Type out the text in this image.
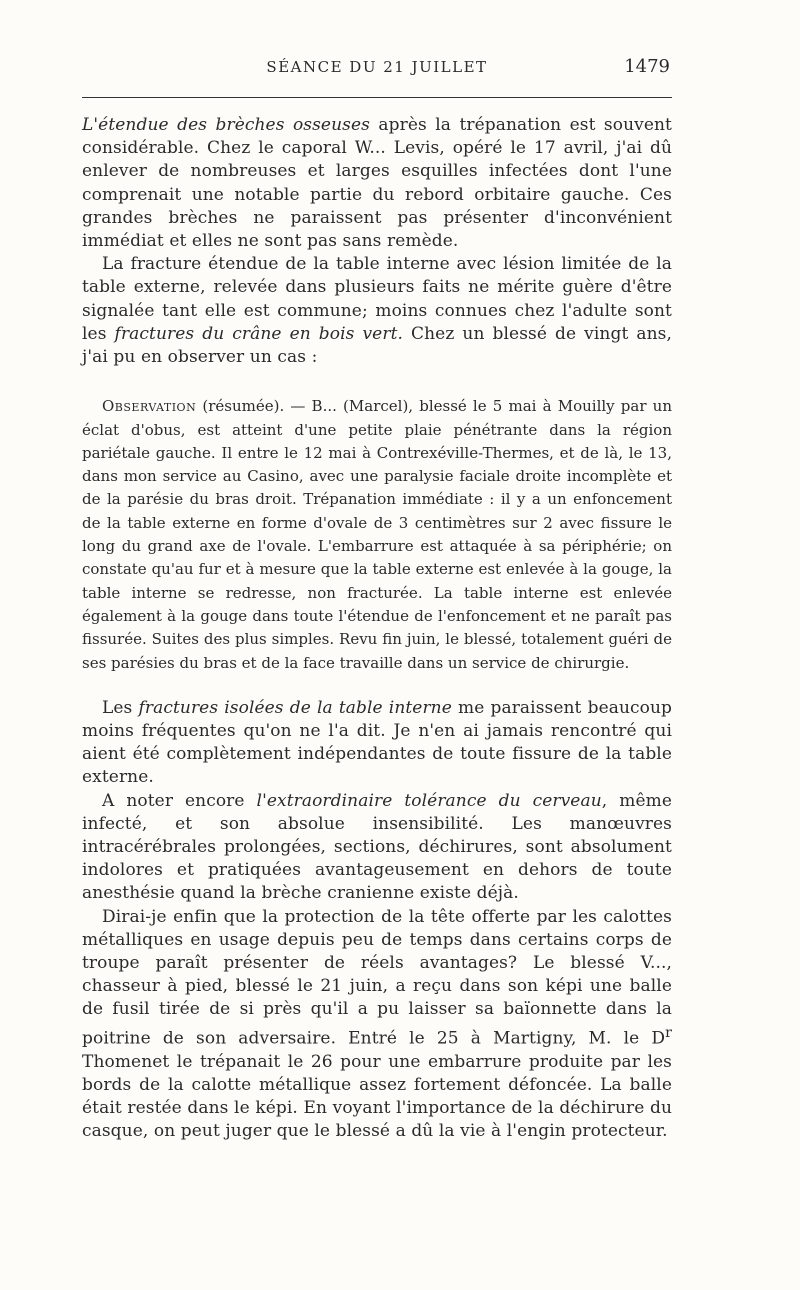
SÉANCE DU 21 JUILLET	1479

L'étendue des brèches osseuses après la trépanation est souvent considérable. Chez le caporal W... Levis, opéré le 17 avril, j'ai dû enlever de nombreuses et larges esquilles infectées dont l'une comprenait une notable partie du rebord orbitaire gauche. Ces grandes brèches ne paraissent pas présenter d'inconvénient immédiat et elles ne sont pas sans remède.

La fracture étendue de la table interne avec lésion limitée de la table externe, relevée dans plusieurs faits ne mérite guère d'être signalée tant elle est commune; moins connues chez l'adulte sont les fractures du crâne en bois vert. Chez un blessé de vingt ans, j'ai pu en observer un cas :

Observation (résumée). — B... (Marcel), blessé le 5 mai à Mouilly par un éclat d'obus, est atteint d'une petite plaie pénétrante dans la région pariétale gauche. Il entre le 12 mai à Contrexéville-Thermes, et de là, le 13, dans mon service au Casino, avec une paralysie faciale droite incomplète et de la parésie du bras droit. Trépanation immédiate : il y a un enfoncement de la table externe en forme d'ovale de 3 centimètres sur 2 avec fissure le long du grand axe de l'ovale. L'embarrure est attaquée à sa périphérie; on constate qu'au fur et à mesure que la table externe est enlevée à la gouge, la table interne se redresse, non fracturée. La table interne est enlevée également à la gouge dans toute l'étendue de l'enfoncement et ne paraît pas fissurée. Suites des plus simples. Revu fin juin, le blessé, totalement guéri de ses parésies du bras et de la face travaille dans un service de chirurgie.

Les fractures isolées de la table interne me paraissent beaucoup moins fréquentes qu'on ne l'a dit. Je n'en ai jamais rencontré qui aient été complètement indépendantes de toute fissure de la table externe.

A noter encore l'extraordinaire tolérance du cerveau, même infecté, et son absolue insensibilité. Les manœuvres intracérébrales prolongées, sections, déchirures, sont absolument indolores et pratiquées avantageusement en dehors de toute anesthésie quand la brèche cranienne existe déjà.

Dirai-je enfin que la protection de la tête offerte par les calottes métalliques en usage depuis peu de temps dans certains corps de troupe paraît présenter de réels avantages? Le blessé V..., chasseur à pied, blessé le 21 juin, a reçu dans son képi une balle de fusil tirée de si près qu'il a pu laisser sa baïonnette dans la poitrine de son adversaire. Entré le 25 à Martigny, M. le $D^r$ Thomenet le trépanait le 26 pour une embarrure produite par les bords de la calotte métallique assez fortement défoncée. La balle était restée dans le képi. En voyant l'importance de la déchirure du casque, on peut juger que le blessé a dû la vie à l'engin protecteur.
